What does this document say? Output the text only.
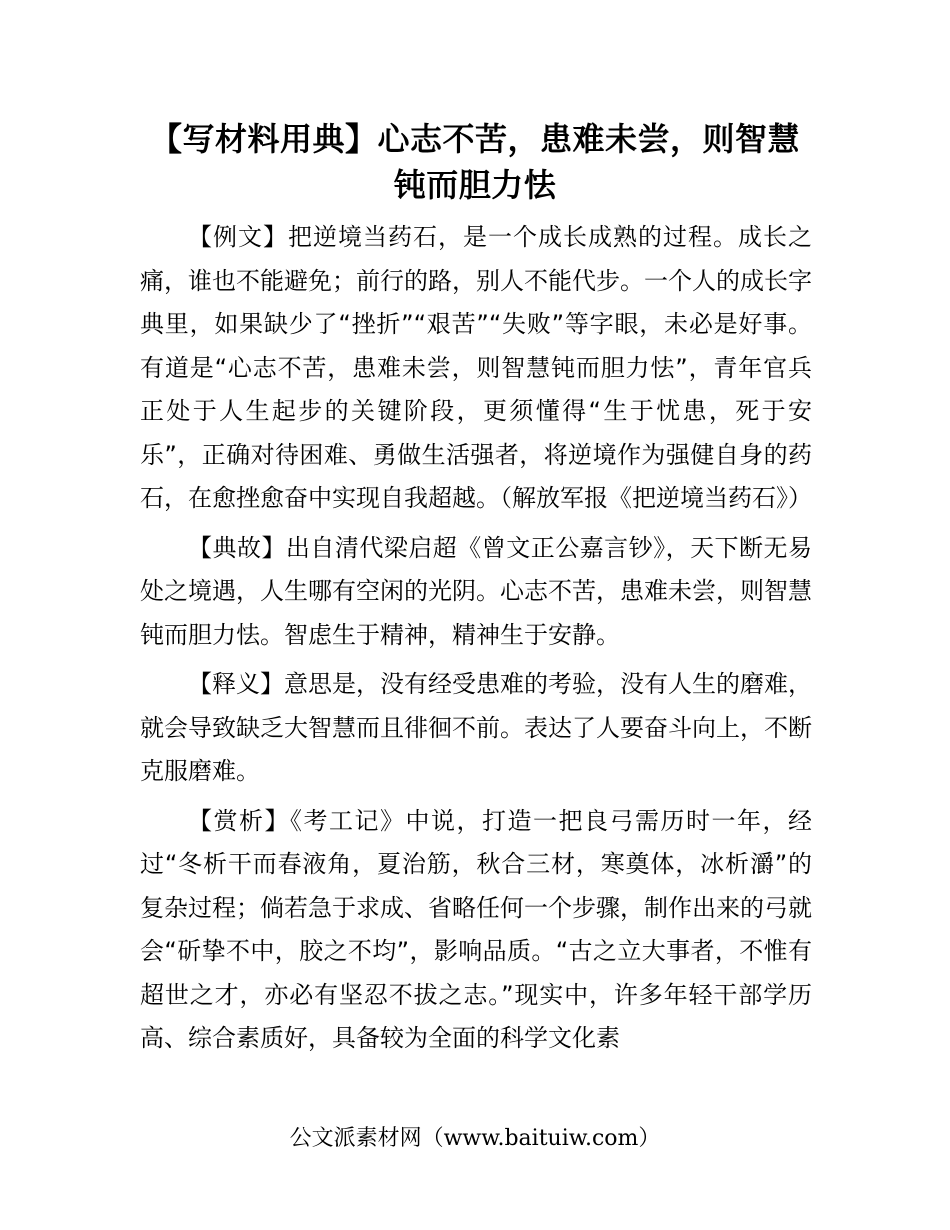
【写材料用典】心志不苦，患难未尝，则智慧钝而胆力怯

【例文】把逆境当药石，是一个成长成熟的过程。成长之痛，谁也不能避免；前行的路，别人不能代步。一个人的成长字典里，如果缺少了“挫折”“艰苦”“失败”等字眼，未必是好事。有道是“心志不苦，患难未尝，则智慧钝而胆力怯”，青年官兵正处于人生起步的关键阶段，更须懂得“生于忧患，死于安乐”，正确对待困难、勇做生活强者，将逆境作为强健自身的药石，在愈挫愈奋中实现自我超越。（解放军报《把逆境当药石》）

【典故】出自清代梁启超《曾文正公嘉言钞》，天下断无易处之境遇，人生哪有空闲的光阴。心志不苦，患难未尝，则智慧钝而胆力怯。智虑生于精神，精神生于安静。

【释义】意思是，没有经受患难的考验，没有人生的磨难，就会导致缺乏大智慧而且徘徊不前。表达了人要奋斗向上，不断克服磨难。

【赏析】《考工记》中说，打造一把良弓需历时一年，经过“冬析干而春液角，夏治筋，秋合三材，寒奠体，冰析灂”的复杂过程；倘若急于求成、省略任何一个步骤，制作出来的弓就会“斫挚不中，胶之不均”，影响品质。“古之立大事者，不惟有超世之才，亦必有坚忍不拔之志。”现实中，许多年轻干部学历高、综合素质好，具备较为全面的科学文化素

公文派素材网（www.baituiw.com）
